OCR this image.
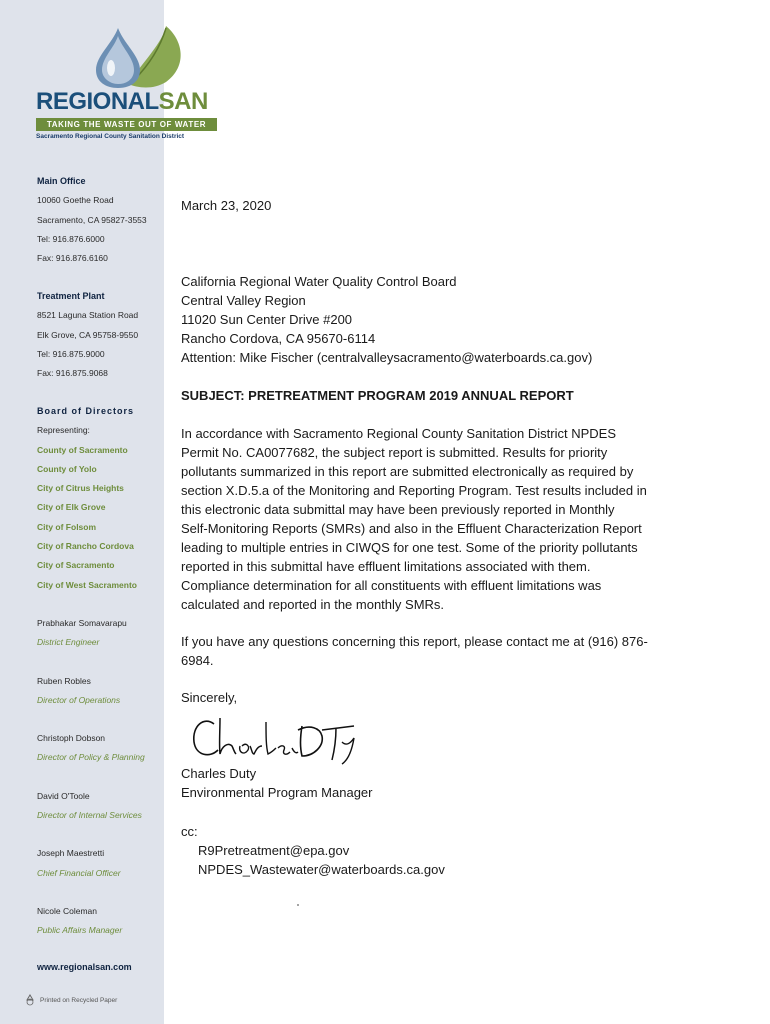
REGIONALSAN
TAKING THE WASTE OUT OF WATER
Sacramento Regional County Sanitation District
Main Office
10060 Goethe Road
Sacramento, CA 95827-3553
Tel: 916.876.6000
Fax: 916.876.6160
Treatment Plant
8521 Laguna Station Road
Elk Grove, CA 95758-9550
Tel: 916.875.9000
Fax: 916.875.9068
Board of Directors
Representing:
County of Sacramento
County of Yolo
City of Citrus Heights
City of Elk Grove
City of Folsom
City of Rancho Cordova
City of Sacramento
City of West Sacramento
Prabhakar Somavarapu
District Engineer
Ruben Robles
Director of Operations
Christoph Dobson
Director of Policy & Planning
David O'Toole
Director of Internal Services
Joseph Maestretti
Chief Financial Officer
Nicole Coleman
Public Affairs Manager
www.regionalsan.com
Printed on Recycled Paper

March 23, 2020

California Regional Water Quality Control Board

Central Valley Region

11020 Sun Center Drive #200

Rancho Cordova, CA 95670-6114

Attention: Mike Fischer (centralvalleysacramento@waterboards.ca.gov)

SUBJECT: PRETREATMENT PROGRAM 2019 ANNUAL REPORT

In accordance with Sacramento Regional County Sanitation District NPDES

Permit No. CA0077682, the subject report is submitted. Results for priority

pollutants summarized in this report are submitted electronically as required by

section X.D.5.a of the Monitoring and Reporting Program. Test results included in

this electronic data submittal may have been previously reported in Monthly

Self-Monitoring Reports (SMRs) and also in the Effluent Characterization Report

leading to multiple entries in CIWQS for one test. Some of the priority pollutants

reported in this submittal have effluent limitations associated with them.

Compliance determination for all constituents with effluent limitations was

calculated and reported in the monthly SMRs.

If you have any questions concerning this report, please contact me at (916) 876-

6984.

Sincerely,

Charles Duty

Environmental Program Manager

cc:

R9Pretreatment@epa.gov

NPDES_Wastewater@waterboards.ca.gov
